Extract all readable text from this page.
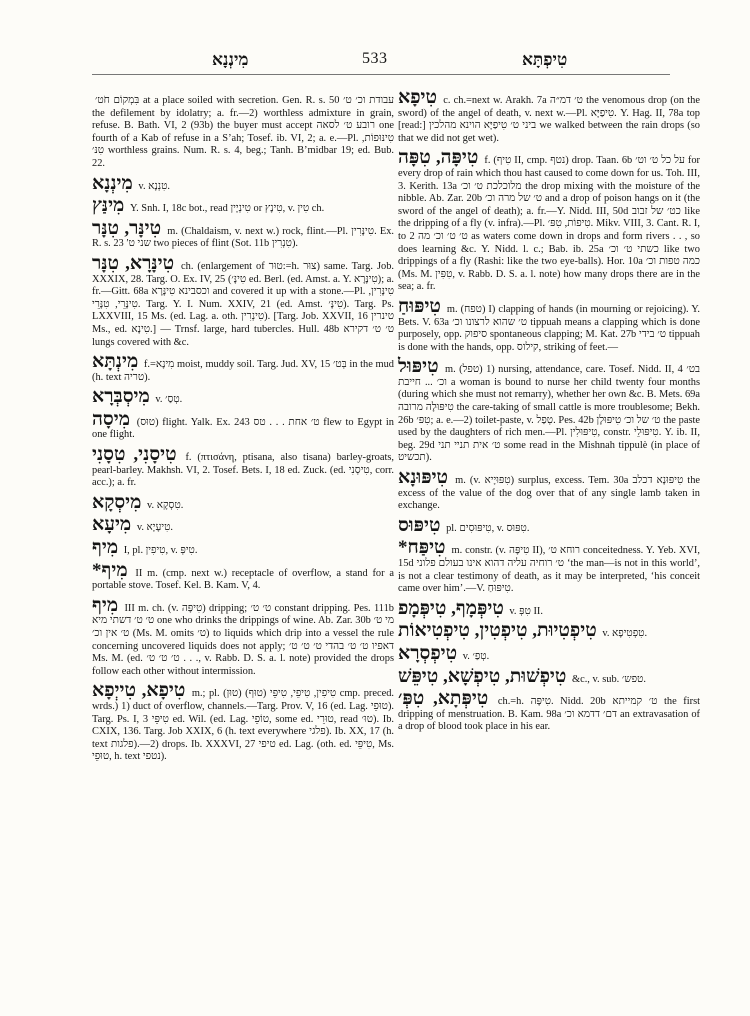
מִינְנָא	533	טִיפְתָּא
בִּמְקוֹם חֹט׳ at a place soiled with secretion. Gen. R. s. 50 עבודת וכ׳ ט׳ the defilement by idolatry; a. fr.—2) worthless admixture in grain, refuse. B. Bath. VI, 2 (93b) the buyer must accept רובע ט׳ לסאה one fourth of a Kab of refuse in a S’ah; Tosef. ib. VI, 2; a. e.—Pl. טִינּוּפוֹת, טִנּ׳ worthless grains. Num. R. s. 4, beg.; Tanh. B’midbar 19; ed. Bub. 22.
מִינְנָא v. טִנְנָא.
מִינַּץ Y. Snh. I, 18c bot., read טִינְיָין or טִינָץ, v. טִין ch.
טִינָּר, טִנָּר m. (Chaldaism, v. next w.) rock, flint.—Pl. טִינָּרִין. Ex. R. s. 23 ′שני ט two pieces of flint (Sot. 11b טִנְרִין).
טִינָּרָא, טִנָּר ch. (enlargement of טוּר:=h. צוּר) same. Targ. Job. XXXIX, 28. Targ. O. Ex. IV, 25 (טִינָּ׳ ed. Berl. (ed. Amst. a. Y. טִינָּרָא); a. fr.—Gitt. 68a וכסבינא טִינָּרָא and covered it up with a stone.—Pl. טִינָּרִין, טִינָּרֵי, טִנָּרֵי. Targ. Y. I. Num. XXIV, 21 (ed. Amst. טִינָּ׳). Targ. Ps. LXXVIII, 15 Ms. (ed. Lag. a. oth. טִינְרִין). [Targ. Job. XXVII, 16 טינרין Ms., ed. טִינָא.] — Trnsf. large, hard tubercles. Hull. 48b ט׳ ט׳ דקירא lungs covered with &c.
מִינְתָּא f.=מִינָא moist, muddy soil. Targ. Jud. XV, 15 בְּט׳ in the mud (h. text טריה).
מִיסְבְּרָא v. טְסַ׳.
מִיסָה (טוּס) flight. Yalk. Ex. 243 ט׳ אחת . . . טס flew to Egypt in one flight.
טִיסָנִי, טִסָנִי f. (πτισάνη, ptisana, also tisana) barley-groats, pearl-barley. Makhsh. VI, 2. Tosef. Bets. I, 18 ed. Zuck. (ed. טִיסְנִי, corr. acc.); a. fr.
מִיסְקָא v. טִסְקָא.
מִיעָא v. טִיעָיָא.
מִיף I, pl. טִיפִין, v. טִיפְּ.
*מִיף II m. (cmp. next w.) receptacle of overflow, a stand for a portable stove. Tosef. Kel. B. Kam. V, 4.
מִיף III m. ch. (v. טִיפָּה) dripping; ט׳ ט׳ constant dripping. Pes. 111b ט׳ ט׳ דשתי מיא one who drinks the drippings of wine. Ab. Zar. 30b מי ט׳ ט׳ אין וכ׳ (Ms. M. omits ט׳) to liquids which drip into a vessel the rule concerning uncovered liquids does not apply; דאפיו ט׳ ט׳ בהדי ט׳ ט׳ ט׳ Ms. M. (ed. ט׳ ט׳ ט׳ . . ., v. Rabb. D. S. a. l. note) provided the drops follow each other without intermission.
טִיפָא, טִייְפָא m.; pl. טִיפִין, טִיפֵי, טִיפֵּי (טוּף) (טוּן) cmp. preced. wrds.) 1) duct of overflow, channels.—Targ. Prov. V, 16 (ed. Lag. טוּפֵי). Targ. Ps. I, 3 טִיפֵּי ed. Wil. (ed. Lag. טוֹפֵי, some ed. טוּרֵי, read טוּ׳). Ib. CXIX, 136. Targ. Job XXIX, 6 (h. text everywhere פלגי). Ib. XX, 17 (h. text פלגות).—2) drops. Ib. XXXVI, 27 טיפי ed. Lag. (oth. ed. טִיפֵּי, Ms. טוּפֵי, h. text נטפי).
טִיפָא c. ch.=next w. Arakh. 7a ט׳ דמ״ה the venomous drop (on the sword) of the angel of death, v. next w.—Pl. טִיפַיָּא. Y. Hag. II, 78a top [read:] ביני ט׳ טִיפַיָּא הוינא מהלכין we walked between the rain drops (so that we did not get wet).
טִיפָּה, טִפָּה f. (טִיף II, cmp. נטף) drop. Taan. 6b על כל ט׳ וט׳ for every drop of rain which thou hast caused to come down for us. Toh. III, 3. Kerith. 13a מלוכלכת ט׳ וכ׳ the drop mixing with the moisture of the nibble. Ab. Zar. 20b ט׳ של מרה וכ׳ and a drop of poison hangs on it (the sword of the angel of death); a. fr.—Y. Nidd. III, 50d כט׳ של זבוב like the dripping of a fly (v. infra).—Pl. טִיפוֹת, טִפּ׳. Mikv. VIII, 3. Cant. R. I, to 2 ט׳ ט׳ וכ׳ מה as waters come down in drops and form rivers . . , so does learning &c. Y. Nidd. l. c.; Bab. ib. 25a כשתי ט׳ וכ׳ like two drippings of a fly (Rashi: like the two eye-balls). Hor. 10a כמה טפות וכ׳ (Ms. M. טִפִּין, v. Rabb. D. S. a. l. note) how many drops there are in the sea; a. fr.
טִיפּוּחַ m. (טפח) I) clapping of hands (in mourning or rejoicing). Y. Bets. V. 63a ט׳ שהוא לרצונו וכ׳ tippuah means a clapping which is done purposely, opp. סיפוק spontaneous clapping; M. Kat. 27b ט׳ בידי tippuah is done with the hands, opp. קילוס, striking of feet.—
טִיפּוּל m. (טפל) 1) nursing, attendance, care. Tosef. Nidd. II, 4 בט׳ וכ׳ ... חייבת a woman is bound to nurse her child twenty four months (during which she must not remarry), whether her own &c. B. Mets. 69a טִיפּוּלָה מרובה the care-taking of small cattle is more troublesome; Bekh. 26b טִפּ׳; a. e.—2) toilet-paste, v. טְפַל. Pes. 42b ט׳ של וכ׳ טִיפּוּלָן the paste used by the daughters of rich men.—Pl. טִיפּוּלִין, constr. טִיפּוּלֵי. Y. ib. II, beg. 29d ט׳ אית תניי תני some read in the Mishnah tippulè (in place of תכשיט).
טִיפּוּנָא m. (v. טִפּוּיָיא) surplus, excess. Tem. 30a טִיפּוּנָא דכלב the excess of the value of the dog over that of any single lamb taken in exchange.
טִיפּוּס pl. טִיפּוּסִים, v. טִפּוּס.
*טִיפַּח m. constr. (v. טִיפָּה II), רוחא ט׳ conceitedness. Y. Yeb. XVI, 15d ט׳ רוחיה עליה דהוא אינו בעולם פלוני ‘the man—is not in this world’, is not a clear testimony of death, as it may be interpreted, ‘his conceit came over him’.—V. טִיפּוּחַ.
טִיפְּמָף, טִיפְּמָפ v. טִפְּ II.
טִיפְטִיוּת, טִיפְטִין, טִיפְטִיאוֹת v. טִפְטִיפָא.
טִיפְסְרָא v. טְפַ׳.
טִיפְשׁוּת, טִיפְשָׁא, טִיפֵּשׁ &c., v. sub. טפש׳.
טִיפְּתָא, טִפְּ׳ ch.=h. טִיפָּה. Nidd. 20b ט׳ קמייתא the first dripping of menstruation. B. Kam. 98a דם׳ דדמא וכ׳ an extravasation of a drop of blood took place in his ear.
